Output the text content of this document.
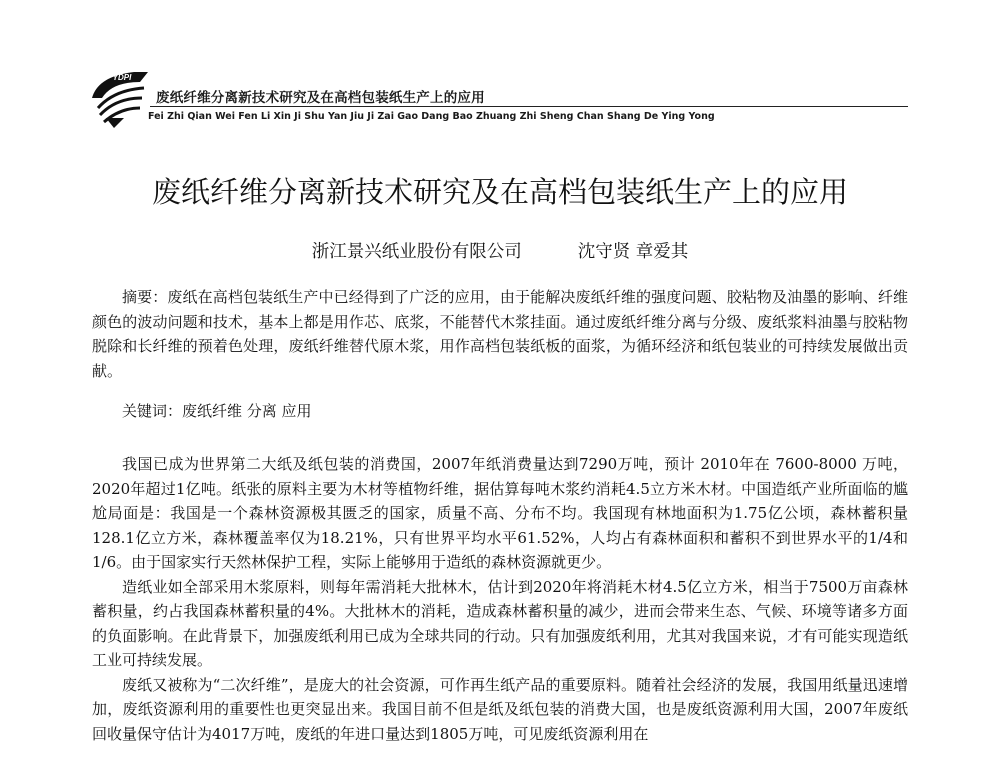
YDPI
废纸纤维分离新技术研究及在高档包装纸生产上的应用
Fei Zhi Qian Wei Fen Li Xin Ji Shu Yan Jiu Ji Zai Gao Dang Bao Zhuang Zhi Sheng Chan Shang De Ying Yong
废纸纤维分离新技术研究及在高档包装纸生产上的应用
浙江景兴纸业股份有限公司	沈守贤 章爱其

摘要：废纸在高档包装纸生产中已经得到了广泛的应用，由于能解决废纸纤维的强度问题、胶粘物及油墨的影响、纤维颜色的波动问题和技术，基本上都是用作芯、底浆，不能替代木浆挂面。通过废纸纤维分离与分级、废纸浆料油墨与胶粘物脱除和长纤维的预着色处理，废纸纤维替代原木浆，用作高档包装纸板的面浆，为循环经济和纸包装业的可持续发展做出贡献。

关键词：废纸纤维 分离 应用

我国已成为世界第二大纸及纸包装的消费国，2007年纸消费量达到7290万吨，预计 2010年在 7600-8000 万吨，2020年超过1亿吨。纸张的原料主要为木材等植物纤维，据估算每吨木浆约消耗4.5立方米木材。中国造纸产业所面临的尴尬局面是：我国是一个森林资源极其匮乏的国家，质量不高、分布不均。我国现有林地面积为1.75亿公顷，森林蓄积量128.1亿立方米，森林覆盖率仅为18.21%，只有世界平均水平61.52%，人均占有森林面积和蓄积不到世界水平的1/4和1/6。由于国家实行天然林保护工程，实际上能够用于造纸的森林资源就更少。

造纸业如全部采用木浆原料，则每年需消耗大批林木，估计到2020年将消耗木材4.5亿立方米，相当于7500万亩森林蓄积量，约占我国森林蓄积量的4%。大批林木的消耗，造成森林蓄积量的减少，进而会带来生态、气候、环境等诸多方面的负面影响。在此背景下，加强废纸利用已成为全球共同的行动。只有加强废纸利用，尤其对我国来说，才有可能实现造纸工业可持续发展。

废纸又被称为“二次纤维”，是庞大的社会资源，可作再生纸产品的重要原料。随着社会经济的发展，我国用纸量迅速增加，废纸资源利用的重要性也更突显出来。我国目前不但是纸及纸包装的消费大国，也是废纸资源利用大国，2007年废纸回收量保守估计为4017万吨，废纸的年进口量达到1805万吨，可见废纸资源利用在
